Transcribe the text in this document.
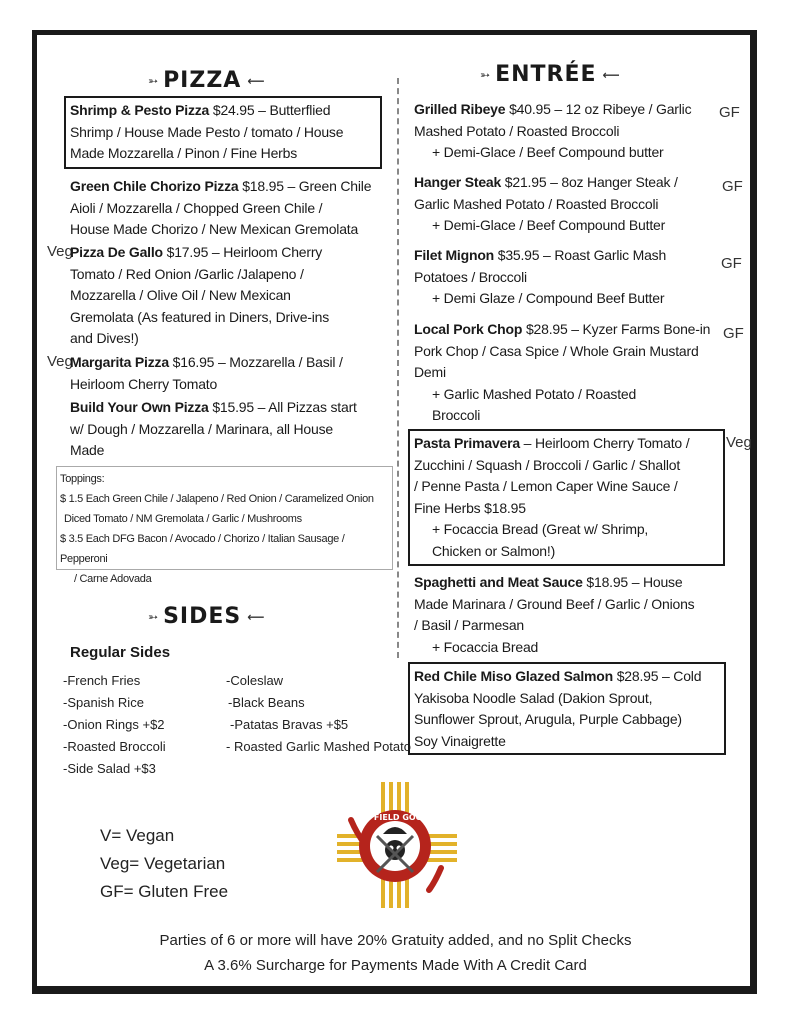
➳ PIZZA ⟵	➳ ENTRÉE ⟵
Shrimp & Pesto Pizza $24.95 – Butterflied
Shrimp / House Made Pesto / tomato / House
Made Mozzarella / Pinon / Fine Herbs
Green Chile Chorizo Pizza $18.95 – Green Chile
Aioli / Mozzarella / Chopped Green Chile /
House Made Chorizo / New Mexican Gremolata
Veg
Pizza De Gallo $17.95 – Heirloom Cherry
Tomato / Red Onion /Garlic /Jalapeno /
Mozzarella / Olive Oil / New Mexican
Gremolata (As featured in Diners, Drive-ins
and Dives!)
Veg
Margarita Pizza $16.95 – Mozzarella / Basil /
Heirloom Cherry Tomato
Build Your Own Pizza $15.95 – All Pizzas start
w/ Dough / Mozzarella / Marinara, all House
Made
Toppings:
$ 1.5 Each Green Chile / Jalapeno / Red Onion / Caramelized Onion
Diced Tomato / NM Gremolata / Garlic / Mushrooms
$ 3.5 Each DFG Bacon / Avocado / Chorizo / Italian Sausage / Pepperoni
/ Carne Adovada
➳ SIDES ⟵
Regular Sides
-French Fries
-Spanish Rice
-Onion Rings +$2
-Roasted Broccoli
-Side Salad +$3
-Coleslaw
-Black Beans
-Patatas Bravas +$5
- Roasted Garlic Mashed Potato
GF
Grilled Ribeye $40.95 – 12 oz Ribeye / Garlic
Mashed Potato / Roasted Broccoli

+ Demi-Glace / Beef Compound butter
GF
Hanger Steak $21.95 – 8oz Hanger Steak /
Garlic Mashed Potato / Roasted Broccoli

+ Demi-Glace / Beef Compound Butter
GF
Filet Mignon $35.95 – Roast Garlic Mash
Potatoes / Broccoli

+ Demi Glaze / Compound Beef Butter
GF
Local Pork Chop $28.95 – Kyzer Farms Bone-in
Pork Chop / Casa Spice / Whole Grain Mustard
Demi

+ Garlic Mashed Potato / Roasted
Broccoli
Veg
Pasta Primavera – Heirloom Cherry Tomato /
Zucchini / Squash / Broccoli / Garlic / Shallot
/ Penne Pasta / Lemon Caper Wine Sauce /
Fine Herbs $18.95

+ Focaccia Bread (Great w/ Shrimp,
Chicken or Salmon!)
Spaghetti and Meat Sauce $18.95 – House
Made Marinara / Ground Beef / Garlic / Onions
/ Basil / Parmesan

+ Focaccia Bread
Red Chile Miso Glazed Salmon $28.95 – Cold
Yakisoba Noodle Salad (Dakion Sprout,
Sunflower Sprout, Arugula, Purple Cabbage)
Soy Vinaigrette
DR. FIELD GOODS
V= Vegan
Veg= Vegetarian
GF= Gluten Free
Parties of 6 or more will have 20% Gratuity added, and no Split Checks
A 3.6% Surcharge for Payments Made With A Credit Card
